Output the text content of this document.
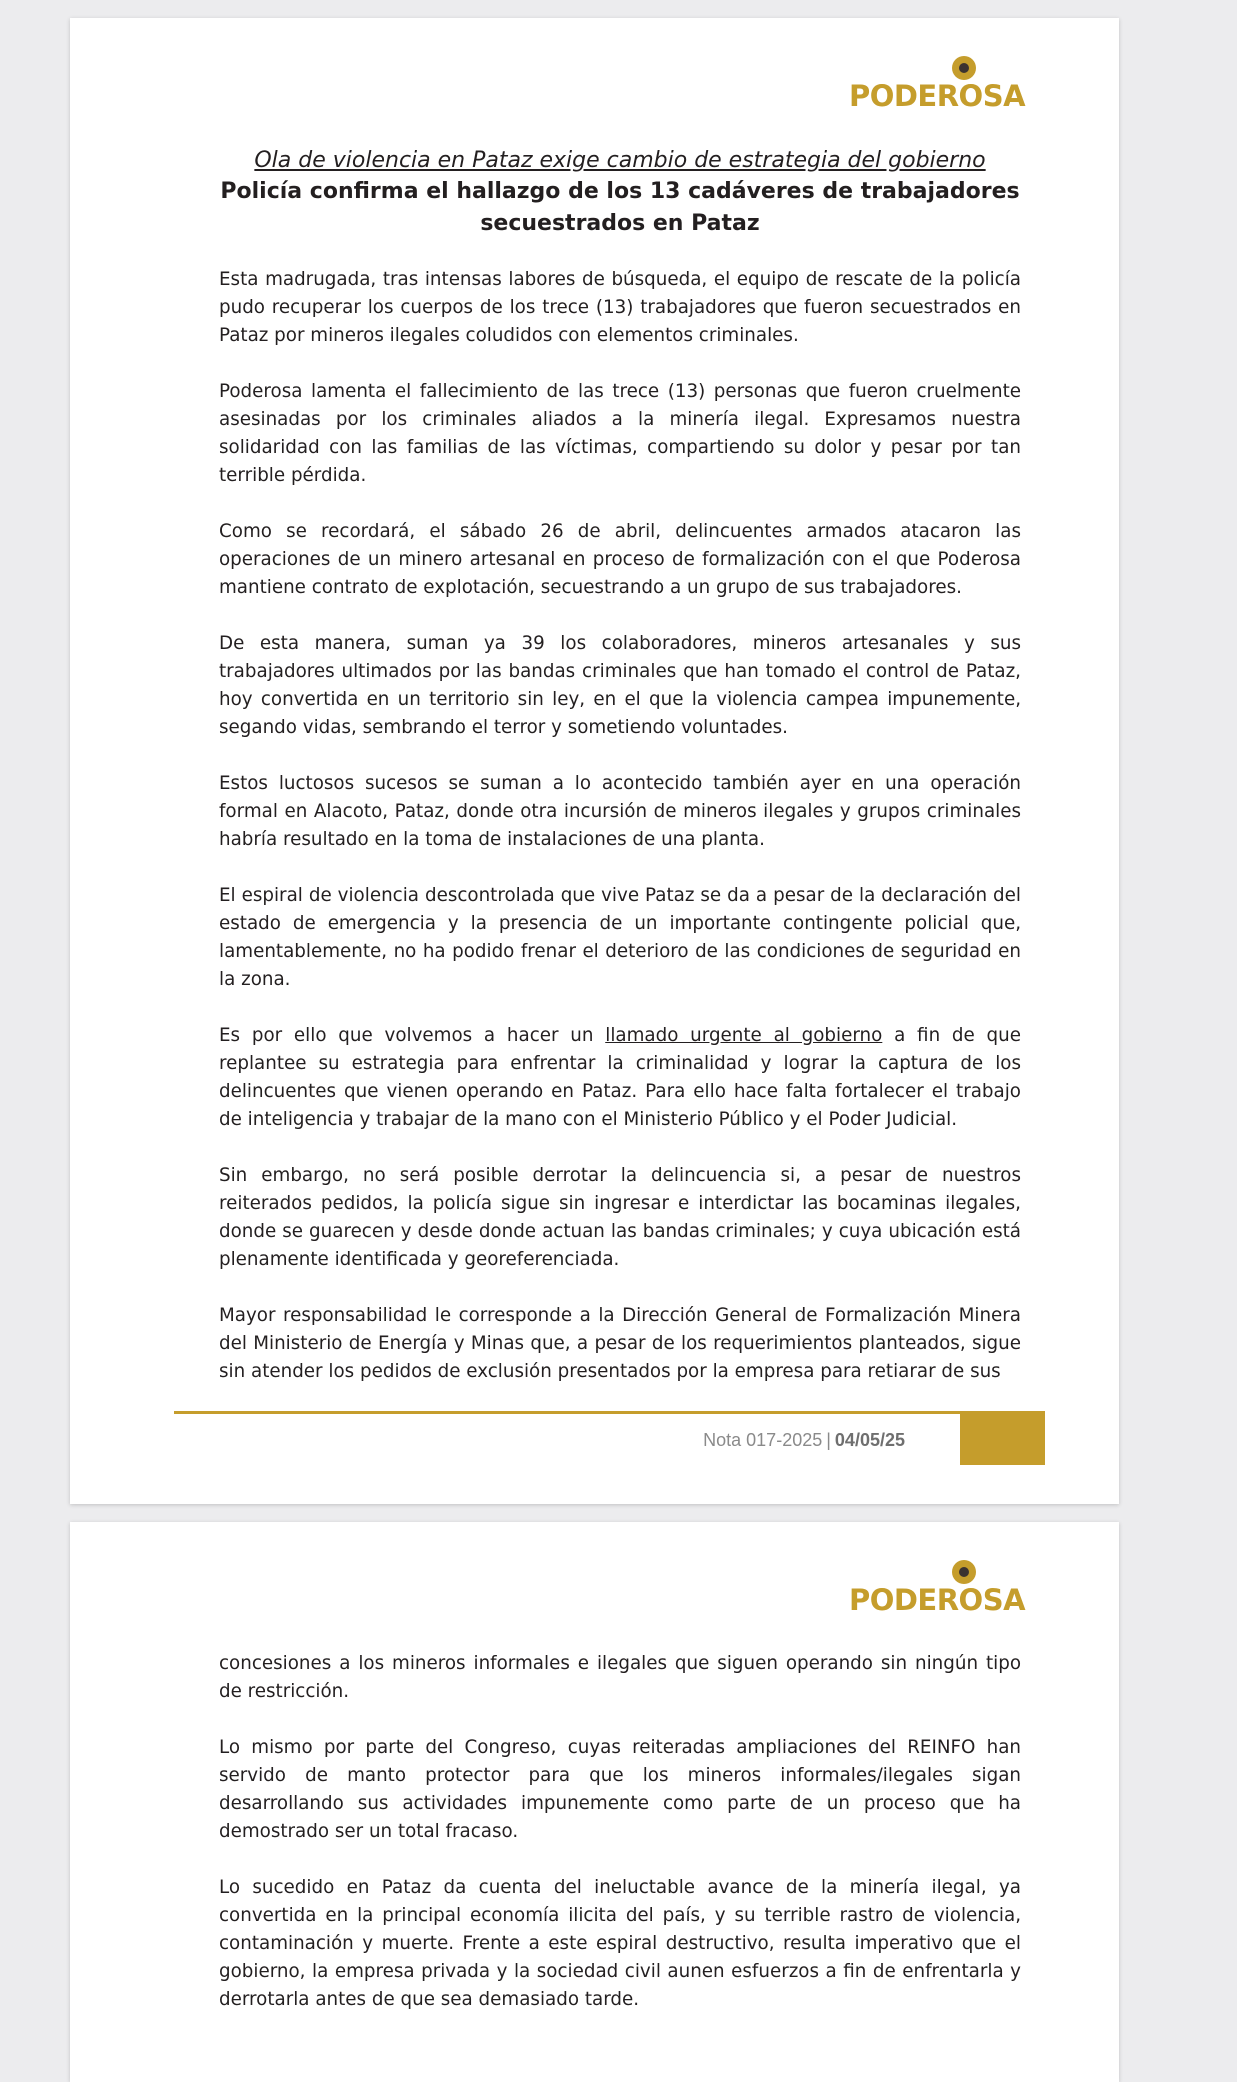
PODEROSA

Ola de violencia en Pataz exige cambio de estrategia del gobierno

Policía confirma el hallazgo de los 13 cadáveres de trabajadores secuestrados en Pataz

Esta madrugada, tras intensas labores de búsqueda, el equipo de rescate de la policía pudo recuperar los cuerpos de los trece (13) trabajadores que fueron secuestrados en Pataz por mineros ilegales coludidos con elementos criminales.

Poderosa lamenta el fallecimiento de las trece (13) personas que fueron cruelmente asesinadas por los criminales aliados a la minería ilegal. Expresamos nuestra solidaridad con las familias de las víctimas, compartiendo su dolor y pesar por tan terrible pérdida.

Como se recordará, el sábado 26 de abril, delincuentes armados atacaron las operaciones de un minero artesanal en proceso de formalización con el que Poderosa mantiene contrato de explotación, secuestrando a un grupo de sus trabajadores.

De esta manera, suman ya 39 los colaboradores, mineros artesanales y sus trabajadores ultimados por las bandas criminales que han tomado el control de Pataz, hoy convertida en un territorio sin ley, en el que la violencia campea impunemente, segando vidas, sembrando el terror y sometiendo voluntades.

Estos luctosos sucesos se suman a lo acontecido también ayer en una operación formal en Alacoto, Pataz, donde otra incursión de mineros ilegales y grupos criminales habría resultado en la toma de instalaciones de una planta.

El espiral de violencia descontrolada que vive Pataz se da a pesar de la declaración del estado de emergencia y la presencia de un importante contingente policial que, lamentablemente, no ha podido frenar el deterioro de las condiciones de seguridad en la zona.

Es por ello que volvemos a hacer un llamado urgente al gobierno a fin de que replantee su estrategia para enfrentar la criminalidad y lograr la captura de los delincuentes que vienen operando en Pataz. Para ello hace falta fortalecer el trabajo de inteligencia y trabajar de la mano con el Ministerio Público y el Poder Judicial.

Sin embargo, no será posible derrotar la delincuencia si, a pesar de nuestros reiterados pedidos, la policía sigue sin ingresar e interdictar las bocaminas ilegales, donde se guarecen y desde donde actuan las bandas criminales; y cuya ubicación está plenamente identificada y georeferenciada.

Mayor responsabilidad le corresponde a la Dirección General de Formalización Minera del Ministerio de Energía y Minas que, a pesar de los requerimientos planteados, sigue sin atender los pedidos de exclusión presentados por la empresa para retiarar de sus

Nota 017-2025 | 04/05/25
PODEROSA

concesiones a los mineros informales e ilegales que siguen operando sin ningún tipo de restricción.

Lo mismo por parte del Congreso, cuyas reiteradas ampliaciones del REINFO han servido de manto protector para que los mineros informales/ilegales sigan desarrollando sus actividades impunemente como parte de un proceso que ha demostrado ser un total fracaso.

Lo sucedido en Pataz da cuenta del ineluctable avance de la minería ilegal, ya convertida en la principal economía ilicita del país, y su terrible rastro de violencia, contaminación y muerte. Frente a este espiral destructivo, resulta imperativo que el gobierno, la empresa privada y la sociedad civil aunen esfuerzos a fin de enfrentarla y derrotarla antes de que sea demasiado tarde.
